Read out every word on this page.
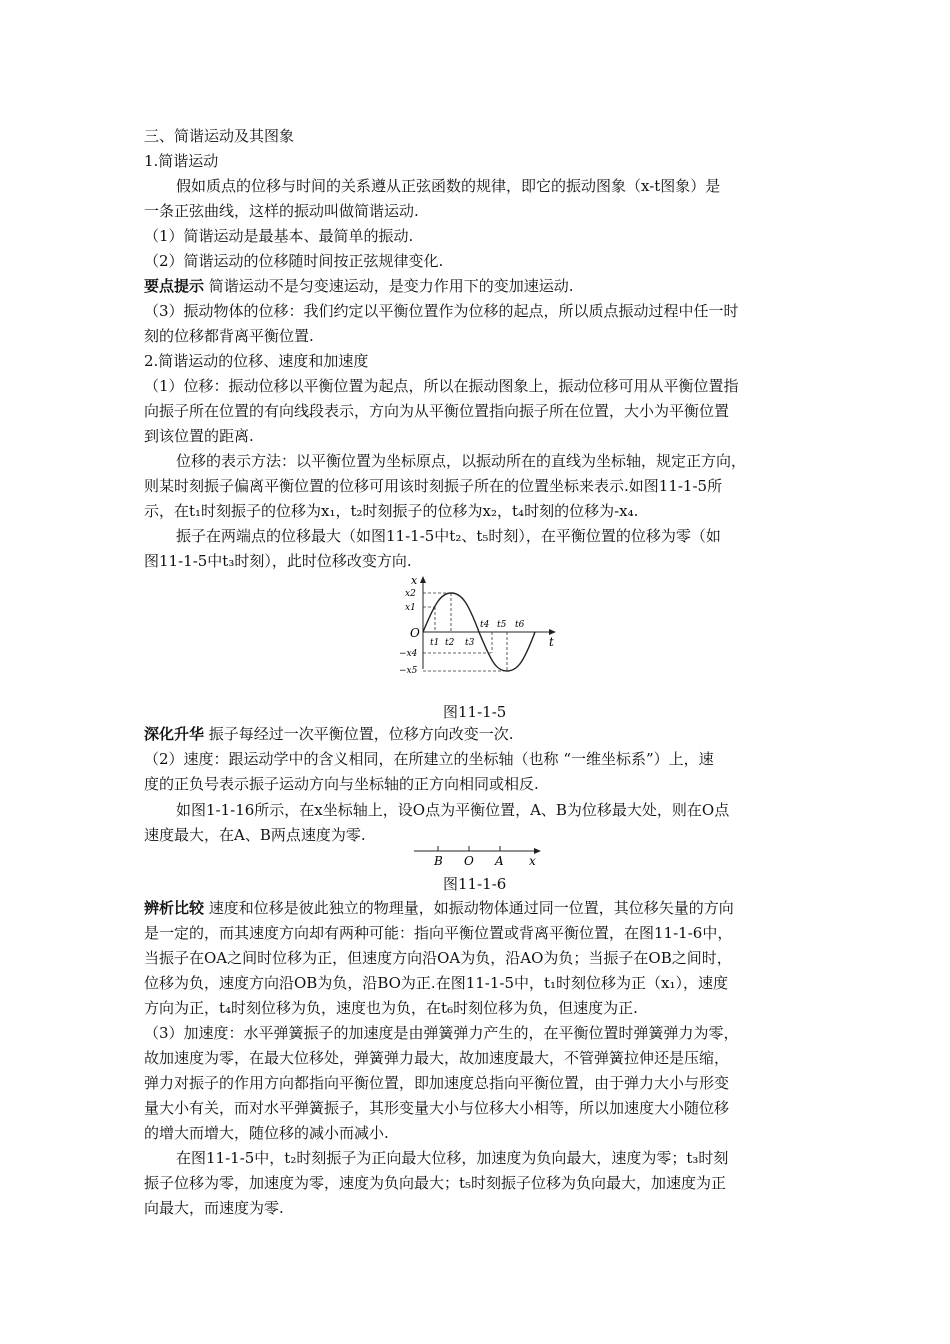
三、简谐运动及其图象
1.简谐运动
假如质点的位移与时间的关系遵从正弦函数的规律，即它的振动图象（x-t图象）是
一条正弦曲线，这样的振动叫做简谐运动.
（1）简谐运动是最基本、最简单的振动.
（2）简谐运动的位移随时间按正弦规律变化.
要点提示 简谐运动不是匀变速运动，是变力作用下的变加速运动.
（3）振动物体的位移：我们约定以平衡位置作为位移的起点，所以质点振动过程中任一时
刻的位移都背离平衡位置.
2.简谐运动的位移、速度和加速度
（1）位移：振动位移以平衡位置为起点，所以在振动图象上，振动位移可用从平衡位置指
向振子所在位置的有向线段表示，方向为从平衡位置指向振子所在位置，大小为平衡位置
到该位置的距离.
位移的表示方法：以平衡位置为坐标原点，以振动所在的直线为坐标轴，规定正方向，
则某时刻振子偏离平衡位置的位移可用该时刻振子所在的位置坐标来表示.如图11-1-5所
示，在t₁时刻振子的位移为x₁，t₂时刻振子的位移为x₂，t₄时刻的位移为-x₄.
振子在两端点的位移最大（如图11-1-5中t₂、t₅时刻），在平衡位置的位移为零（如
图11-1-5中t₃时刻），此时位移改变方向.
x
t
O
x2
x1
−x4
−x5
t1 t2 t3
t4 t5 t6
图11-1-5
深化升华 振子每经过一次平衡位置，位移方向改变一次.
（2）速度：跟运动学中的含义相同，在所建立的坐标轴（也称 “一维坐标系”）上，速
度的正负号表示振子运动方向与坐标轴的正方向相同或相反.
如图1-1-16所示，在x坐标轴上，设O点为平衡位置，A、B为位移最大处，则在O点
速度最大，在A、B两点速度为零.
B O A x
图11-1-6
辨析比较 速度和位移是彼此独立的物理量，如振动物体通过同一位置，其位移矢量的方向
是一定的，而其速度方向却有两种可能：指向平衡位置或背离平衡位置，在图11-1-6中，
当振子在OA之间时位移为正，但速度方向沿OA为负，沿AO为负；当振子在OB之间时，
位移为负，速度方向沿OB为负，沿BO为正.在图11-1-5中，t₁时刻位移为正（x₁），速度
方向为正，t₄时刻位移为负，速度也为负，在t₆时刻位移为负，但速度为正.
（3）加速度：水平弹簧振子的加速度是由弹簧弹力产生的，在平衡位置时弹簧弹力为零，
故加速度为零，在最大位移处，弹簧弹力最大，故加速度最大，不管弹簧拉伸还是压缩，
弹力对振子的作用方向都指向平衡位置，即加速度总指向平衡位置，由于弹力大小与形变
量大小有关，而对水平弹簧振子，其形变量大小与位移大小相等，所以加速度大小随位移
的增大而增大，随位移的减小而减小.
在图11-1-5中，t₂时刻振子为正向最大位移，加速度为负向最大，速度为零；t₃时刻
振子位移为零，加速度为零，速度为负向最大；t₅时刻振子位移为负向最大，加速度为正
向最大，而速度为零.
